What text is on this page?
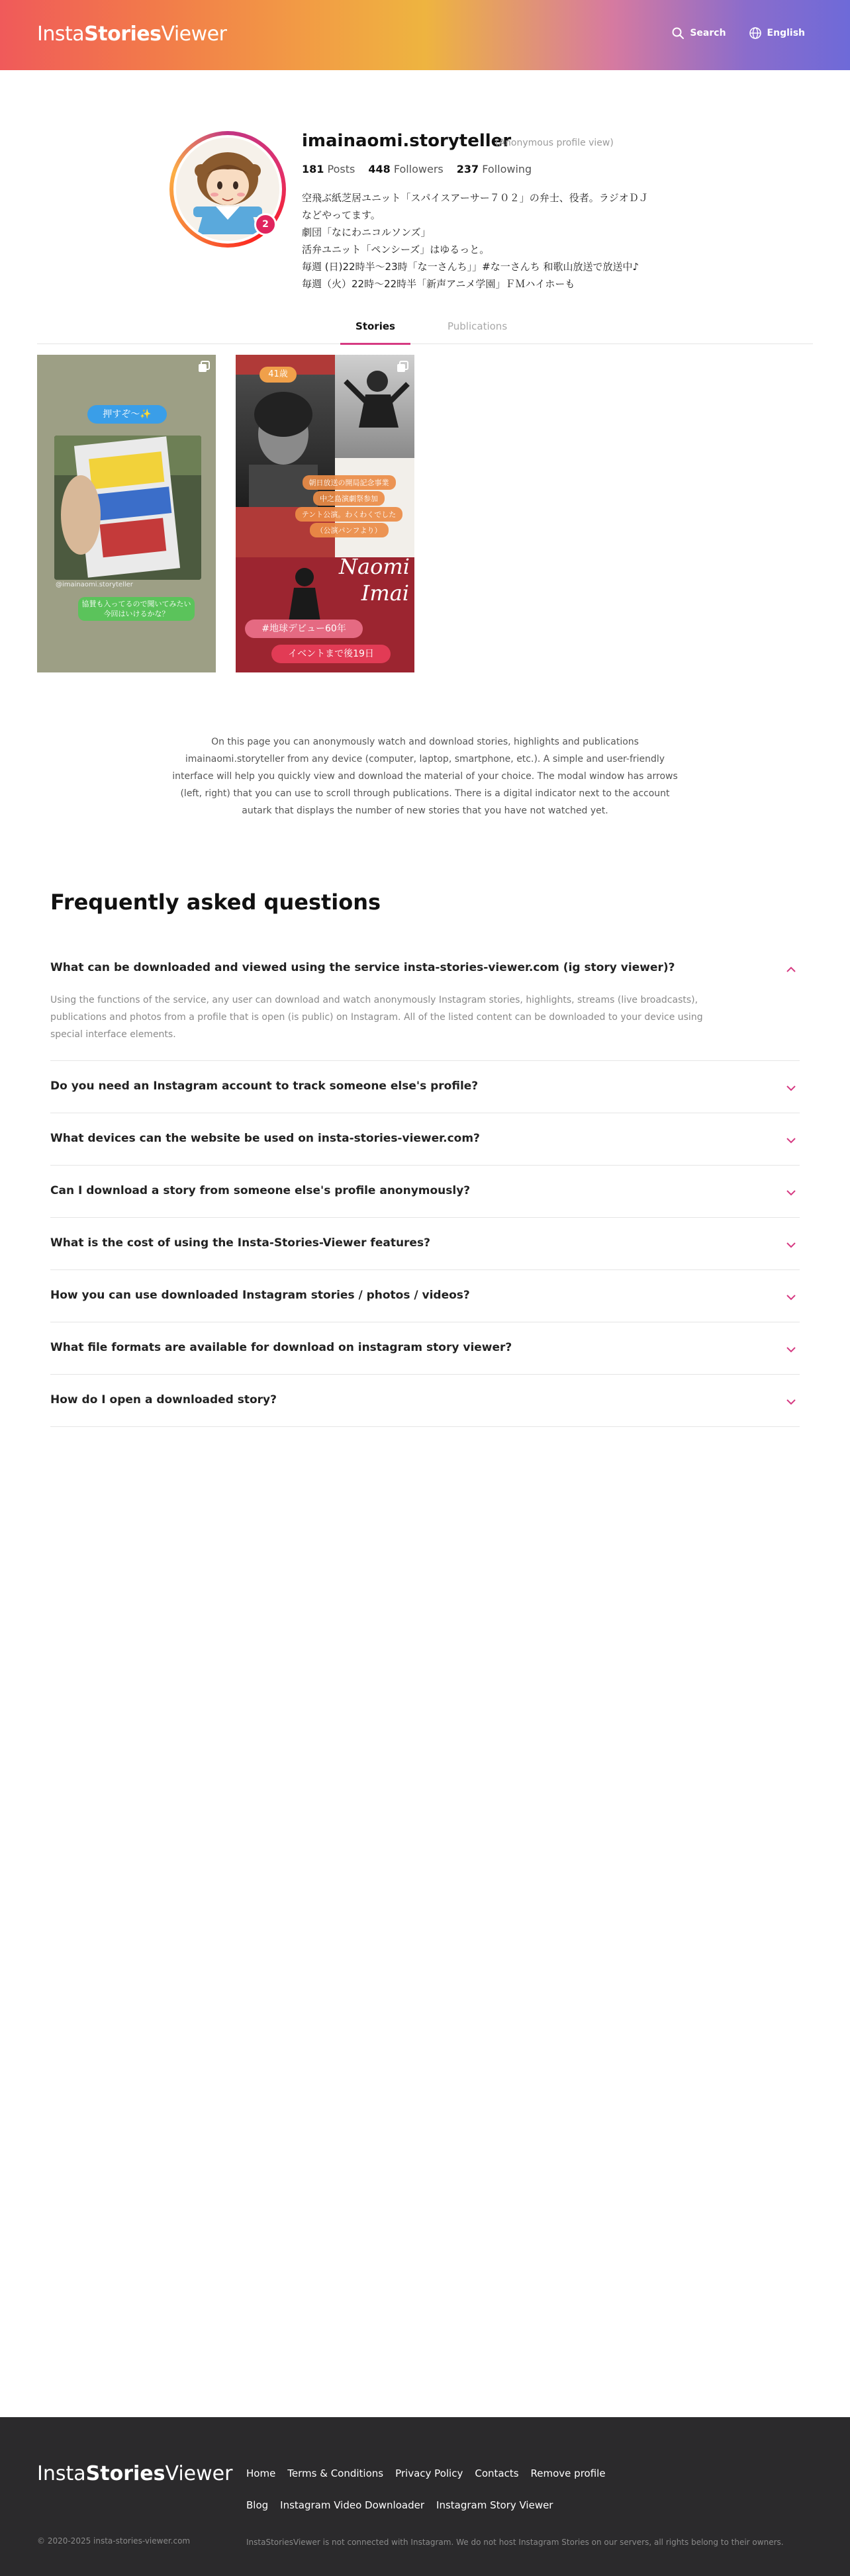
InstaStoriesViewer	Search	English
2
imainaomi.storyteller
(Anonymous profile view)
181 Posts 448 Followers 237 Following
空飛ぶ紙芝居ユニット「スパイスアーサー７０２」の弁士、役者。ラジオＤＪ
などやってます。
劇団「なにわニコルソンズ」
活弁ユニット「ペンシーズ」はゆるっと。
毎週 (日)22時半〜23時「な一さんち」」#な一さんち 和歌山放送で放送中♪
毎週（火）22時〜22時半「新声アニメ学園」ＦＭハイホーも
Stories	Publications
押すぞ～✨
@imainaomi.storyteller
協賛も入ってるので聞いてみたい
今回はいけるかな？
41歳
朝日放送の開局記念事業
中之島演劇祭参加
テント公演。わくわくでした
（公演パンフより）
Naomi
Imai
#地球デビュー60年
イベントまで後19日
On this page you can anonymously watch and download stories, highlights and publications imainaomi.storyteller from any device (computer, laptop, smartphone, etc.). A simple and user-friendly interface will help you quickly view and download the material of your choice. The modal window has arrows (left, right) that you can use to scroll through publications. There is a digital indicator next to the account autark that displays the number of new stories that you have not watched yet.
Frequently asked questions
What can be downloaded and viewed using the service insta-stories-viewer.com (ig story viewer)?
Using the functions of the service, any user can download and watch anonymously Instagram stories, highlights, streams (live broadcasts), publications and photos from a profile that is open (is public) on Instagram. All of the listed content can be downloaded to your device using special interface elements.
Do you need an Instagram account to track someone else's profile?
What devices can the website be used on insta-stories-viewer.com?
Can I download a story from someone else's profile anonymously?
What is the cost of using the Insta-Stories-Viewer features?
How you can use downloaded Instagram stories / photos / videos?
What file formats are available for download on instagram story viewer?
How do I open a downloaded story?
InstaStoriesViewer Home Terms & Conditions Privacy Policy Contacts Remove profile
Blog Instagram Video Downloader Instagram Story Viewer
© 2020-2025 insta-stories-viewer.com	InstaStoriesViewer is not connected with Instagram. We do not host Instagram Stories on our servers, all rights belong to their owners.
